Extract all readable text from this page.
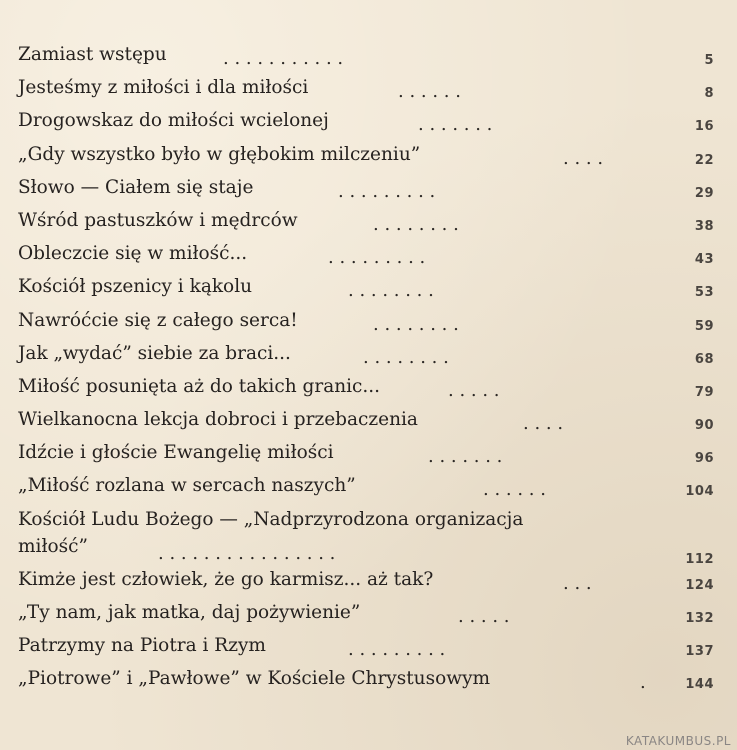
Zamiast wstępu	. . . . . . . . . . .	5
Jesteśmy z miłości i dla miłości	. . . . . .	8
Drogowskaz do miłości wcielonej	. . . . . . .	16
„Gdy wszystko było w głębokim milczeniu”	. . . .	22
Słowo — Ciałem się staje	. . . . . . . . .	29
Wśród pastuszków i mędrców	. . . . . . . .	38
Obleczcie się w miłość...	. . . . . . . . .	43
Kościół pszenicy i kąkolu	. . . . . . . .	53
Nawróćcie się z całego serca!	. . . . . . . .	59
Jak „wydać” siebie za braci...	. . . . . . . .	68
Miłość posunięta aż do takich granic...	. . . . .	79
Wielkanocna lekcja dobroci i przebaczenia	. . . .	90
Idźcie i głoście Ewangelię miłości	. . . . . . .	96
„Miłość rozlana w sercach naszych”	. . . . . .	104
Kościół Ludu Bożego — „Nadprzyrodzona organizacja
miłość”	. . . . . . . . . . . . . . . .	112
Kimże jest człowiek, że go karmisz... aż tak?	. . .	124
„Ty nam, jak matka, daj pożywienie”	. . . . .	132
Patrzymy na Piotra i Rzym	. . . . . . . . .	137
„Piotrowe” i „Pawłowe” w Kościele Chrystusowym	.	144
KATAKUMBUS.PL
